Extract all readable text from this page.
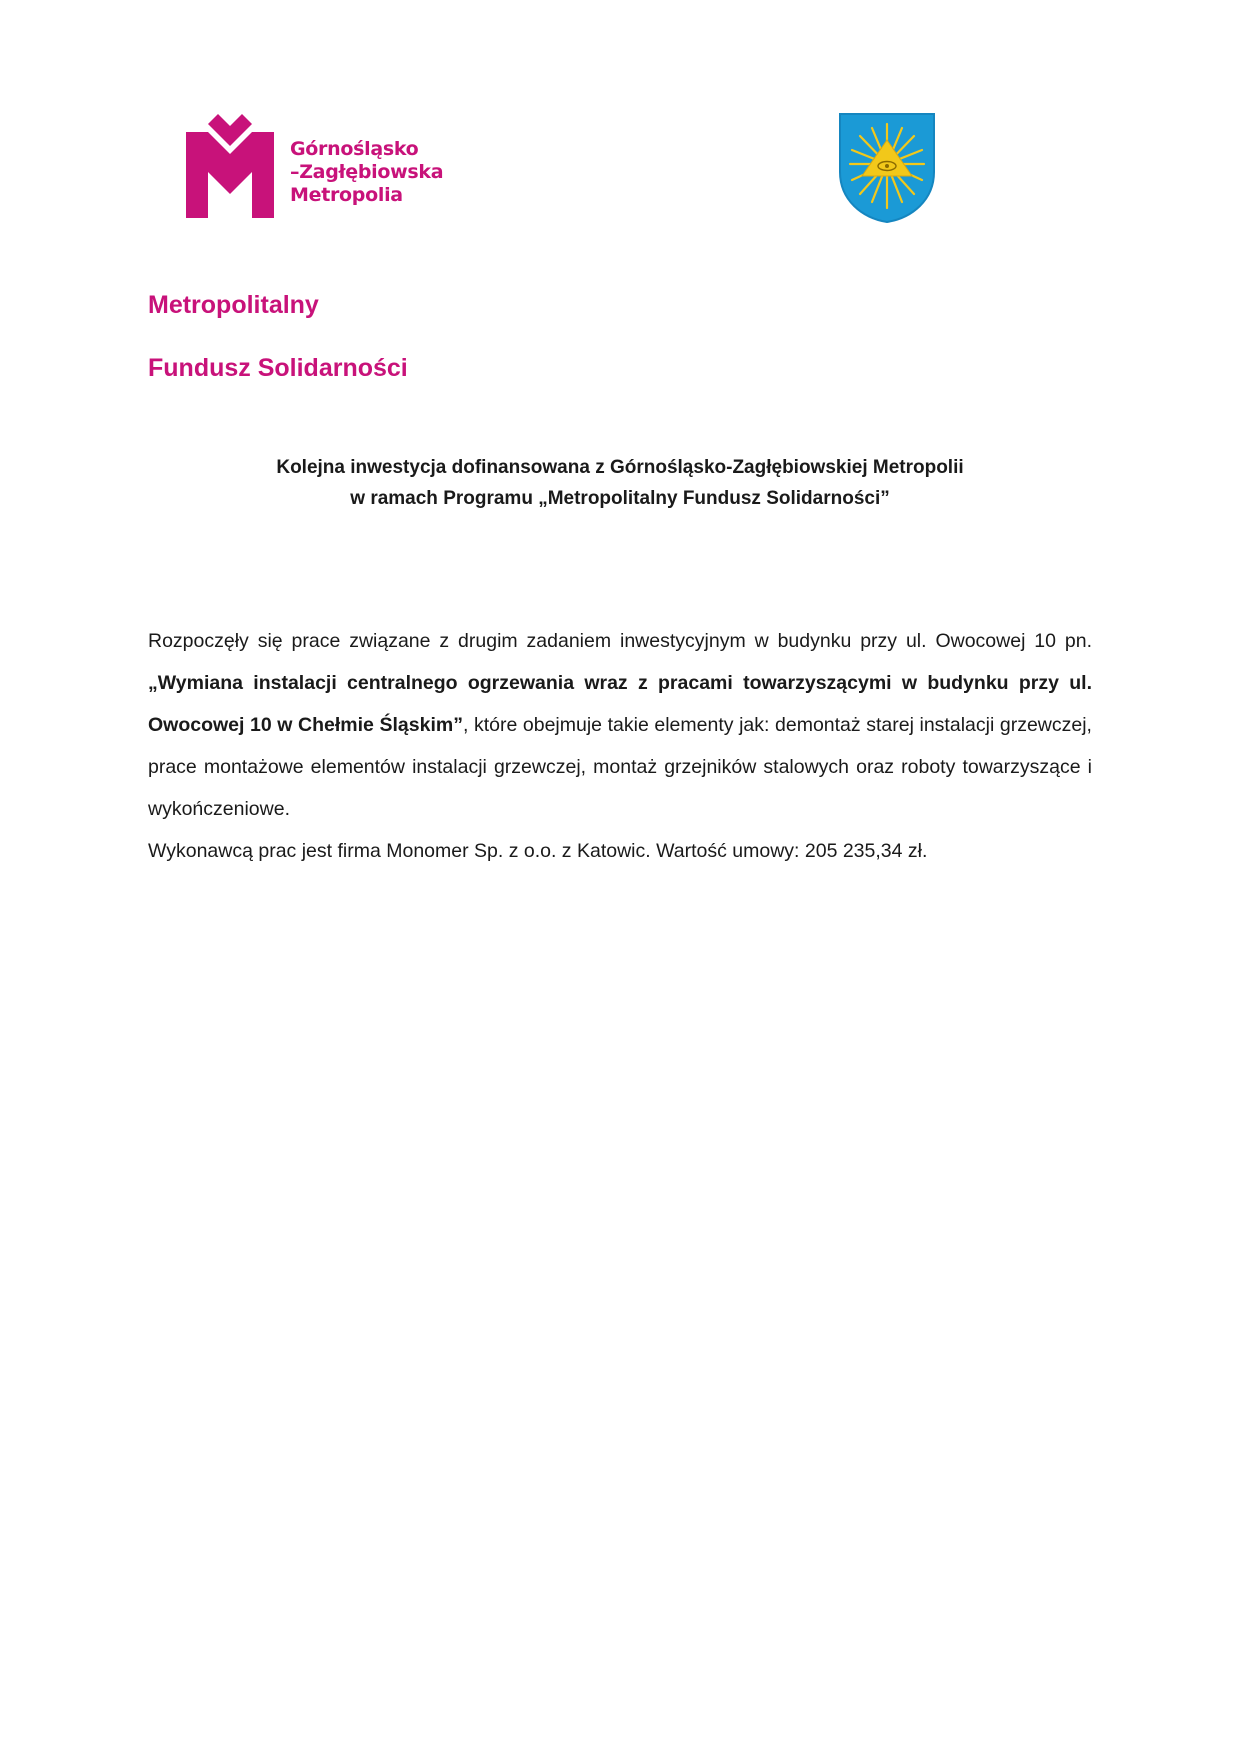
Górnośląsko
–Zagłębiowska
Metropolia
Metropolitalny
Fundusz Solidarności
Kolejna inwestycja dofinansowana z Górnośląsko-Zagłębiowskiej Metropolii
w ramach Programu „Metropolitalny Fundusz Solidarności”

Rozpoczęły się prace związane z drugim zadaniem inwestycyjnym w budynku przy ul. Owocowej 10 pn. „Wymiana instalacji centralnego ogrzewania wraz z pracami towarzyszącymi w budynku przy ul. Owocowej 10 w Chełmie Śląskim”, które obejmuje takie elementy jak: demontaż starej instalacji grzewczej, prace montażowe elementów instalacji grzewczej, montaż grzejników stalowych oraz roboty towarzyszące i wykończeniowe.

Wykonawcą prac jest firma Monomer Sp. z o.o. z Katowic. Wartość umowy: 205 235,34 zł.
